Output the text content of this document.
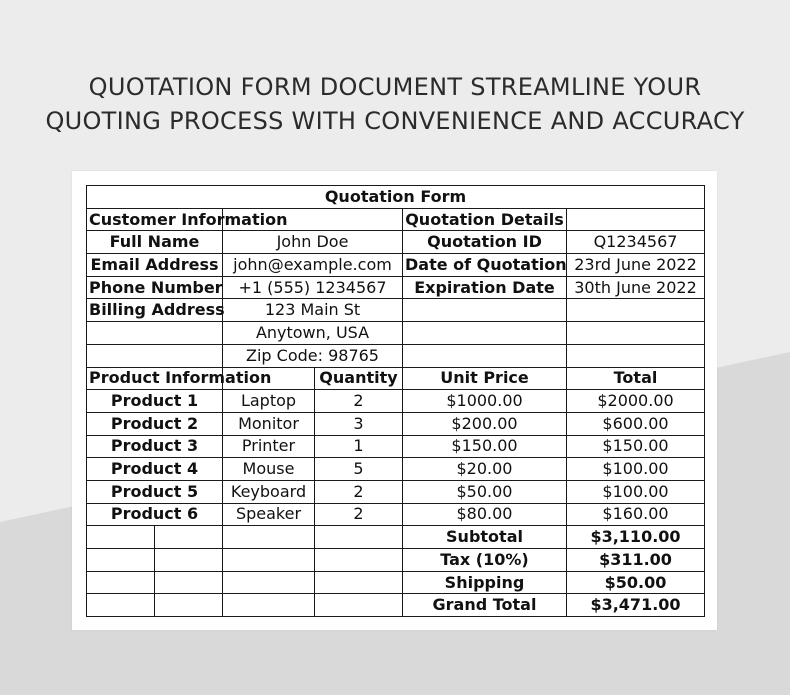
QUOTATION FORM DOCUMENT STREAMLINE YOUR
QUOTING PROCESS WITH CONVENIENCE AND ACCURACY
Quotation Form					
Customer Information				Quotation Details	
Full Name		John Doe		Quotation ID	Q1234567
Email Address		john@example.com		Date of Quotation	23rd June 2022
Phone Number		+1 (555) 1234567		Expiration Date	30th June 2022
Billing Address		123 Main St			
		Anytown, USA			
		Zip Code: 98765			
Product Information			Quantity	Unit Price	Total
Product 1		Laptop	2	$1000.00	$2000.00
Product 2		Monitor	3	$200.00	$600.00
Product 3		Printer	1	$150.00	$150.00
Product 4		Mouse	5	$20.00	$100.00
Product 5		Keyboard	2	$50.00	$100.00
Product 6		Speaker	2	$80.00	$160.00
				Subtotal	$3,110.00
				Tax (10%)	$311.00
				Shipping	$50.00
				Grand Total	$3,471.00
